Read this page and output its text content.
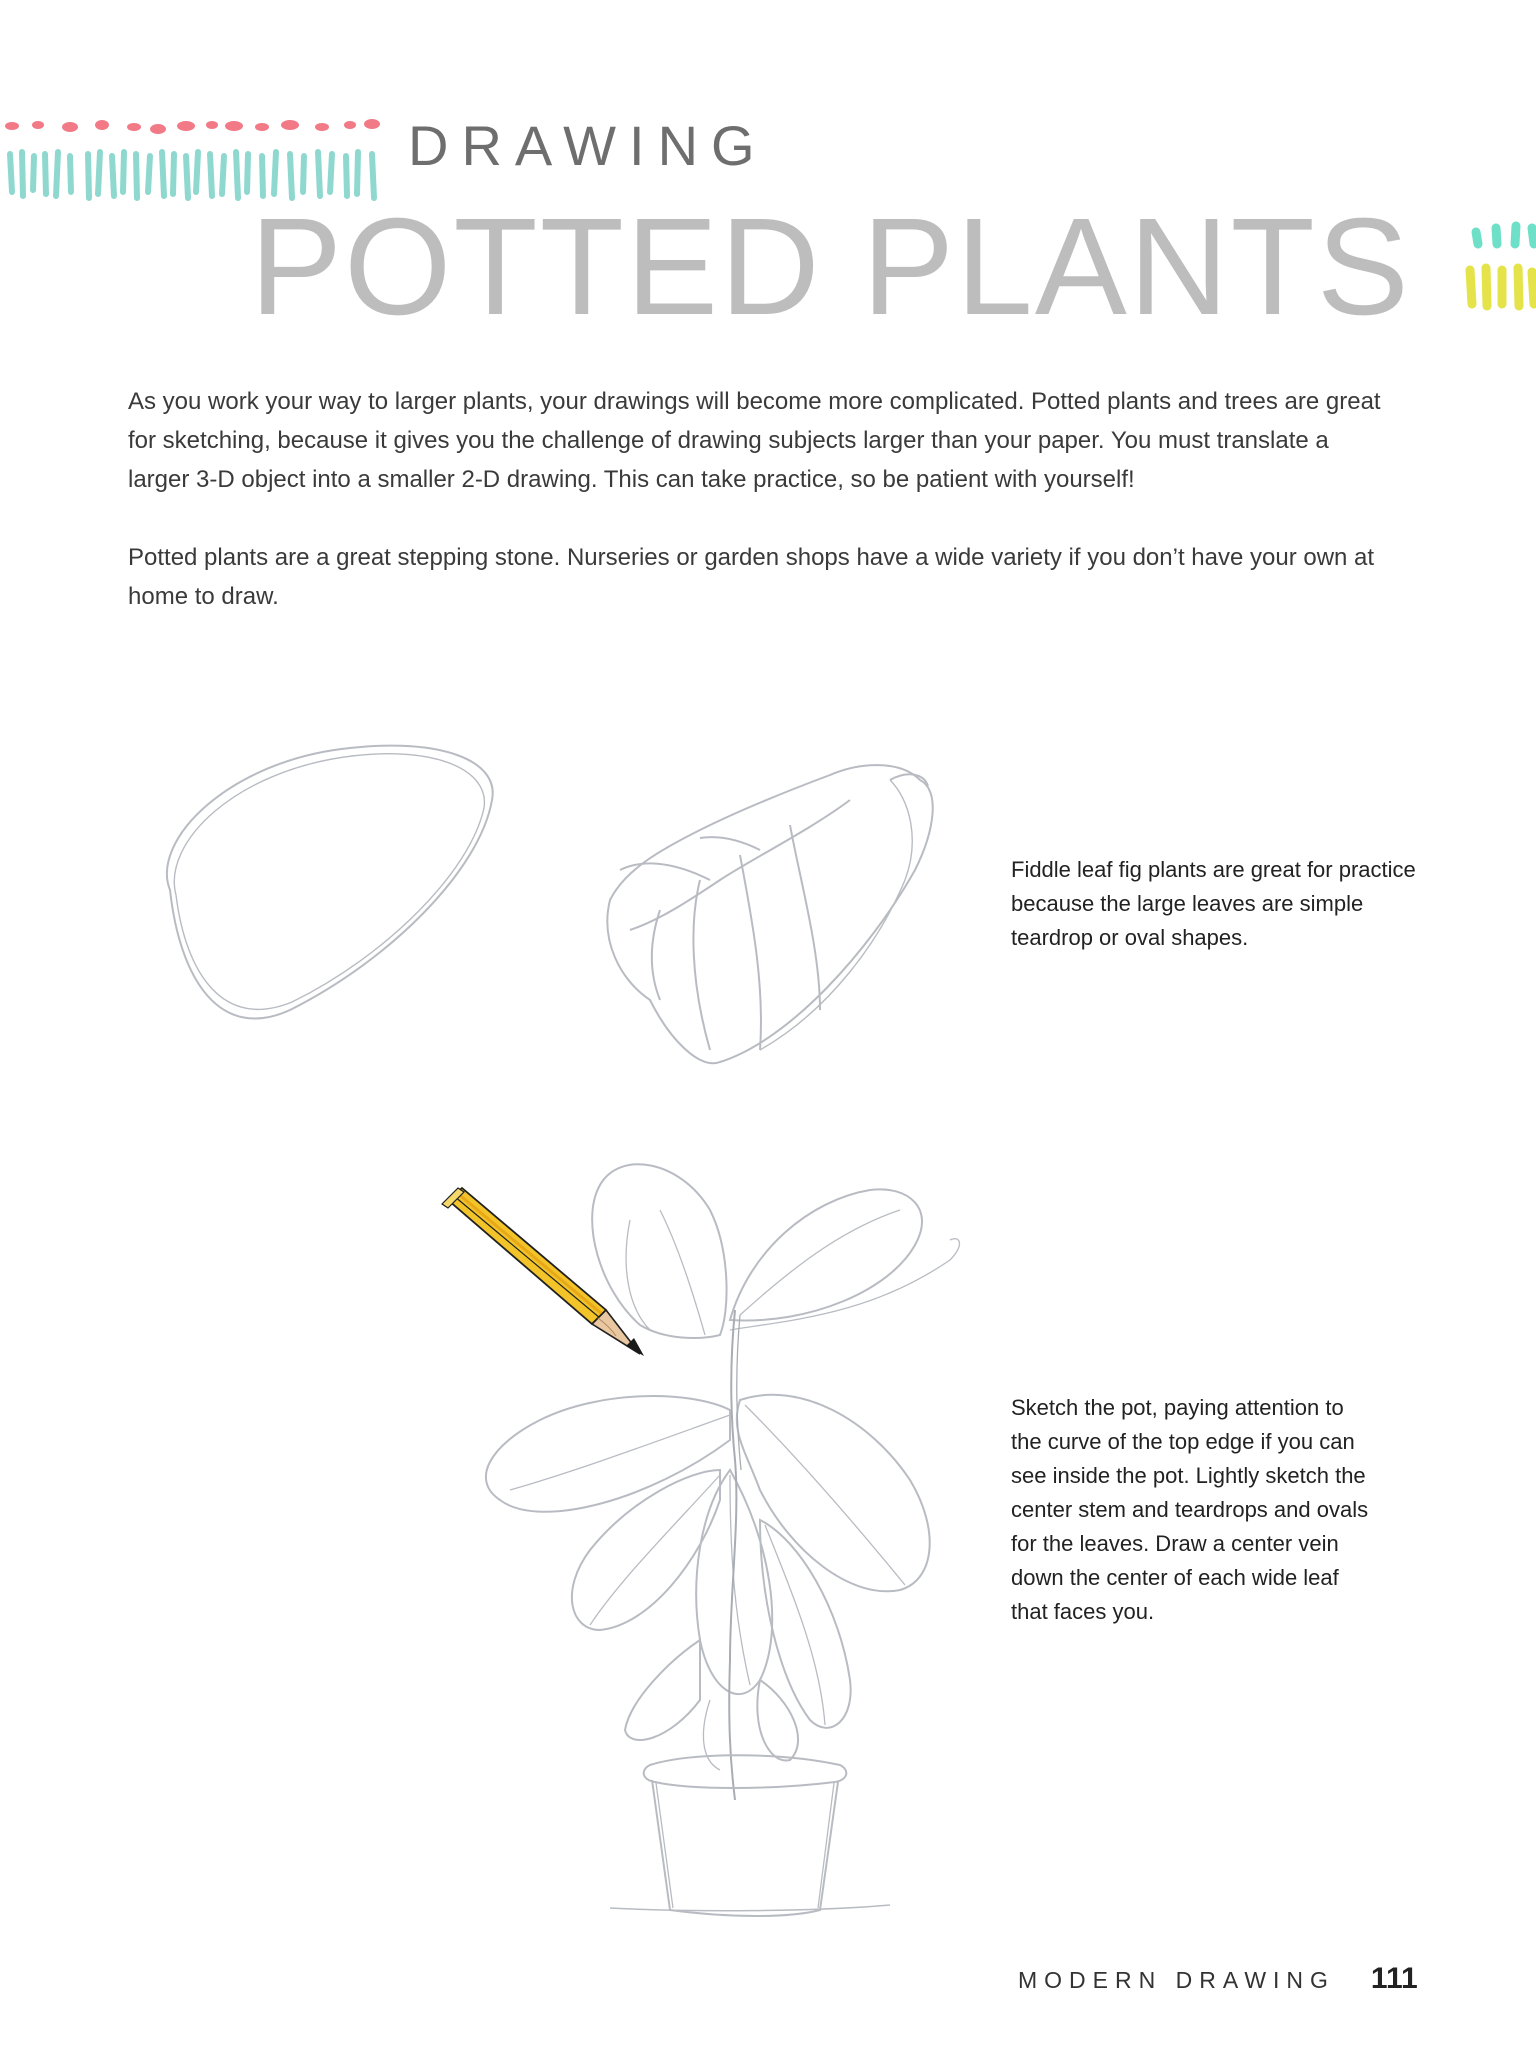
DRAWING
POTTED PLANTS

As you work your way to larger plants, your drawings will become more complicated. Potted plants and trees are great for sketching, because it gives you the challenge of drawing subjects larger than your paper. You must translate a larger 3-D object into a smaller 2-D drawing. This can take practice, so be patient with yourself!

Potted plants are a great stepping stone. Nurseries or garden shops have a wide variety if you don’t have your own at home to draw.

Fiddle leaf fig plants are great for practice because the large leaves are simple teardrop or oval shapes.
Sketch the pot, paying attention to the curve of the top edge if you can see inside the pot. Lightly sketch the center stem and teardrops and ovals for the leaves. Draw a center vein down the center of each wide leaf that faces you.
MODERN DRAWING 111
